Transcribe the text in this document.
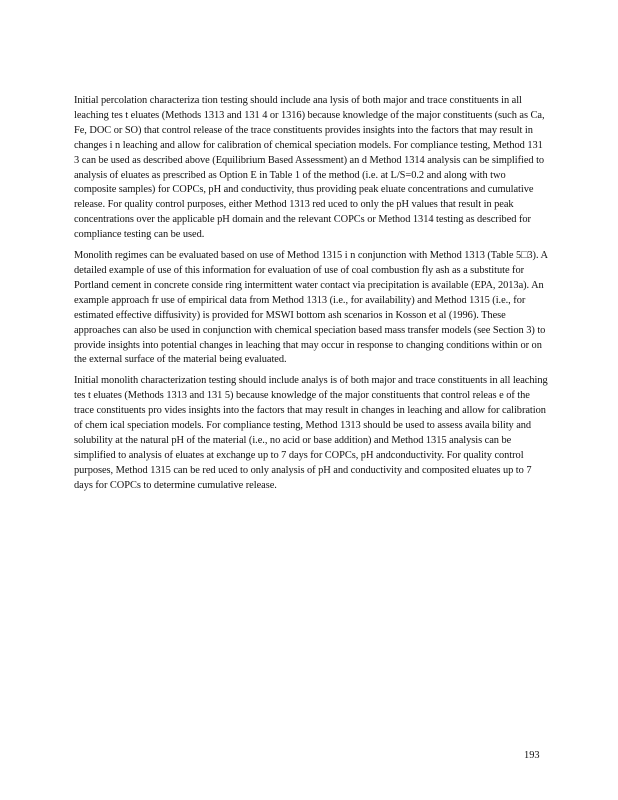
Initial percolation characteriza tion testing should include ana lysis of both major and trace constituents in all leaching tes t eluates (Methods 1313 and 131 4 or 1316) because knowledge of the major constituents (such as Ca, Fe, DOC or SO) that control release of the trace constituents provides insights into the factors that may result in changes i n leaching and allow for calibration of chemical speciation models. For compliance testing, Method 131 3 can be used as described above (Equilibrium Based Assessment) an d Method 1314 analysis can be simplified to analysis of eluates as prescribed as Option E in Table 1 of the method (i.e. at L/S=0.2 and along with two composite samples) for COPCs, pH and conductivity, thus providing peak eluate concentrations and cumulative release. For quality control purposes, either Method 1313 red uced to only the pH values that result in peak concentrations over the applicable pH domain and the relevant COPCs or Method 1314 testing as described for compliance testing can be used.

Monolith regimes can be evaluated based on use of Method 1315 i n conjunction with Method 1313 (Table 5□3). A detailed example of use of this information for evaluation of use of coal combustion fly ash as a substitute for Portland cement in concrete conside ring intermittent water contact via precipitation is available (EPA, 2013a). An example approach fr use of empirical data from Method 1313 (i.e., for availability) and Method 1315 (i.e., for estimated effective diffusivity) is provided for MSWI bottom ash scenarios in Kosson et al (1996). These approaches can also be used in conjunction with chemical speciation based mass transfer models (see Section 3) to provide insights into potential changes in leaching that may occur in response to changing conditions within or on the external surface of the material being evaluated.

Initial monolith characterization testing should include analys is of both major and trace constituents in all leaching tes t eluates (Methods 1313 and 131 5) because knowledge of the major constituents that control releas e of the trace constituents pro vides insights into the factors that may result in changes in leaching and allow for calibration of chem ical speciation models. For compliance testing, Method 1313 should be used to assess availa bility and solubility at the natural pH of the material (i.e., no acid or base addition) and Method 1315 analysis can be simplified to analysis of eluates at exchange up to 7 days for COPCs, pH andconductivity. For quality control purposes, Method 1315 can be red uced to only analysis of pH and conductivity and composited eluates up to 7 days for COPCs to determine cumulative release.

193
